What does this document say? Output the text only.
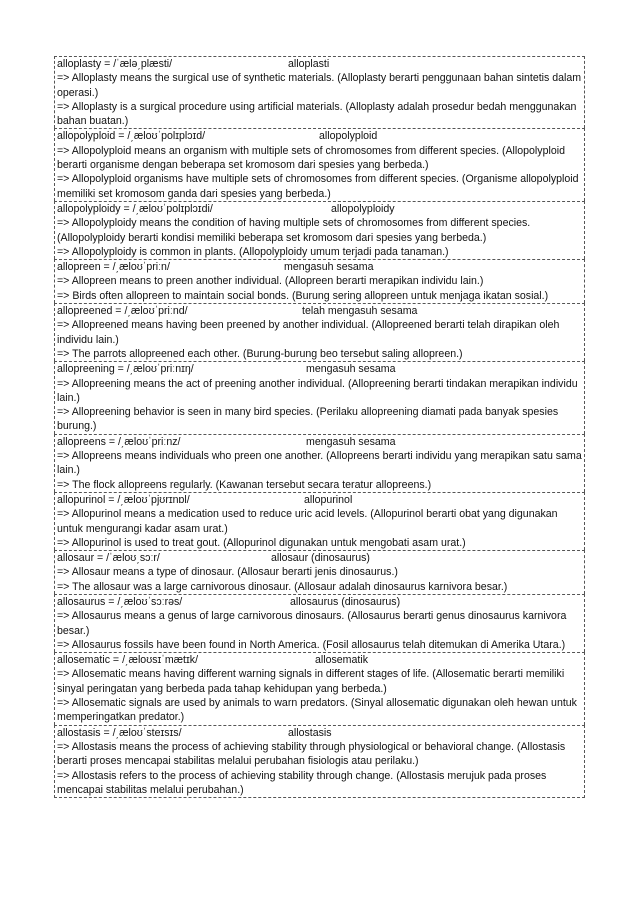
alloplasty = /ˈælə͵plæsti/	alloplasti
=> Alloplasty means the surgical use of synthetic materials. (Alloplasty berarti penggunaan bahan sintetis dalam operasi.)
=> Alloplasty is a surgical procedure using artificial materials. (Alloplasty adalah prosedur bedah menggunakan bahan buatan.)
allopolyploid = /͵æloʊˈpolɪplɔɪd/	allopolyploid
=> Allopolyploid means an organism with multiple sets of chromosomes from different species. (Allopolyploid berarti organisme dengan beberapa set kromosom dari spesies yang berbeda.)
=> Allopolyploid organisms have multiple sets of chromosomes from different species. (Organisme allopolyploid memiliki set kromosom ganda dari spesies yang berbeda.)
allopolyploidy = /͵æloʊˈpolɪplɔɪdi/	allopolyploidy
=> Allopolyploidy means the condition of having multiple sets of chromosomes from different species. (Allopolyploidy berarti kondisi memiliki beberapa set kromosom dari spesies yang berbeda.)
=> Allopolyploidy is common in plants. (Allopolyploidy umum terjadi pada tanaman.)
allopreen = /͵æloʊˈpriːn/	mengasuh sesama
=> Allopreen means to preen another individual. (Allopreen berarti merapikan individu lain.)
=> Birds often allopreen to maintain social bonds. (Burung sering allopreen untuk menjaga ikatan sosial.)
allopreened = /͵æloʊˈpriːnd/	telah mengasuh sesama
=> Allopreened means having been preened by another individual. (Allopreened berarti telah dirapikan oleh individu lain.)
=> The parrots allopreened each other. (Burung-burung beo tersebut saling allopreen.)
allopreening = /͵æloʊˈpriːnɪŋ/	mengasuh sesama
=> Allopreening means the act of preening another individual. (Allopreening berarti tindakan merapikan individu lain.)
=> Allopreening behavior is seen in many bird species. (Perilaku allopreening diamati pada banyak spesies burung.)
allopreens = /͵æloʊˈpriːnz/	mengasuh sesama
=> Allopreens means individuals who preen one another. (Allopreens berarti individu yang merapikan satu sama lain.)
=> The flock allopreens regularly. (Kawanan tersebut secara teratur allopreens.)
allopurinol = /͵æloʊˈpjʊrɪnɒl/	allopurinol
=> Allopurinol means a medication used to reduce uric acid levels. (Allopurinol berarti obat yang digunakan untuk mengurangi kadar asam urat.)
=> Allopurinol is used to treat gout. (Allopurinol digunakan untuk mengobati asam urat.)
allosaur = /ˈæloʊ͵sɔːr/	allosaur (dinosaurus)
=> Allosaur means a type of dinosaur. (Allosaur berarti jenis dinosaurus.)
=> The allosaur was a large carnivorous dinosaur. (Allosaur adalah dinosaurus karnivora besar.)
allosaurus = /͵æloʊˈsɔːrəs/	allosaurus (dinosaurus)
=> Allosaurus means a genus of large carnivorous dinosaurs. (Allosaurus berarti genus dinosaurus karnivora besar.)
=> Allosaurus fossils have been found in North America. (Fosil allosaurus telah ditemukan di Amerika Utara.)
allosematic = /͵æloʊsɪˈmætɪk/	allosematik
=> Allosematic means having different warning signals in different stages of life. (Allosematic berarti memiliki sinyal peringatan yang berbeda pada tahap kehidupan yang berbeda.)
=> Allosematic signals are used by animals to warn predators. (Sinyal allosematic digunakan oleh hewan untuk memperingatkan predator.)
allostasis = /͵æloʊˈsteɪsɪs/	allostasis
=> Allostasis means the process of achieving stability through physiological or behavioral change. (Allostasis berarti proses mencapai stabilitas melalui perubahan fisiologis atau perilaku.)
=> Allostasis refers to the process of achieving stability through change. (Allostasis merujuk pada proses mencapai stabilitas melalui perubahan.)
